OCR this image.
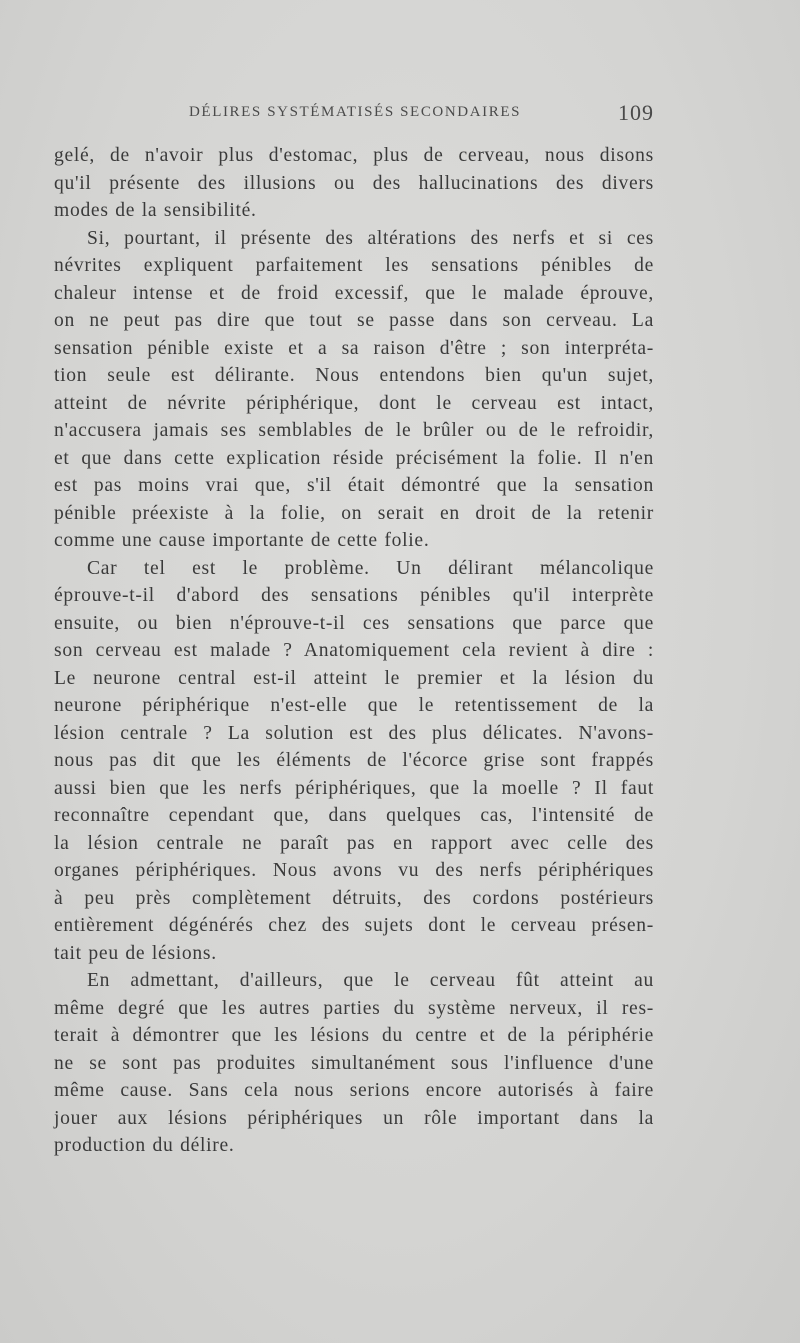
DÉLIRES SYSTÉMATISÉS SECONDAIRES	109
gelé, de n'avoir plus d'estomac, plus de cerveau, nous disons
qu'il présente des illusions ou des hallucinations des divers
modes de la sensibilité.
Si, pourtant, il présente des altérations des nerfs et si ces
névrites expliquent parfaitement les sensations pénibles de
chaleur intense et de froid excessif, que le malade éprouve,
on ne peut pas dire que tout se passe dans son cerveau. La
sensation pénible existe et a sa raison d'être ; son interpréta-
tion seule est délirante. Nous entendons bien qu'un sujet,
atteint de névrite périphérique, dont le cerveau est intact,
n'accusera jamais ses semblables de le brûler ou de le refroidir,
et que dans cette explication réside précisément la folie. Il n'en
est pas moins vrai que, s'il était démontré que la sensation
pénible préexiste à la folie, on serait en droit de la retenir
comme une cause importante de cette folie.
Car tel est le problème. Un délirant mélancolique
éprouve-t-il d'abord des sensations pénibles qu'il interprète
ensuite, ou bien n'éprouve-t-il ces sensations que parce que
son cerveau est malade ? Anatomiquement cela revient à dire :
Le neurone central est-il atteint le premier et la lésion du
neurone périphérique n'est-elle que le retentissement de la
lésion centrale ? La solution est des plus délicates. N'avons-
nous pas dit que les éléments de l'écorce grise sont frappés
aussi bien que les nerfs périphériques, que la moelle ? Il faut
reconnaître cependant que, dans quelques cas, l'intensité de
la lésion centrale ne paraît pas en rapport avec celle des
organes périphériques. Nous avons vu des nerfs périphériques
à peu près complètement détruits, des cordons postérieurs
entièrement dégénérés chez des sujets dont le cerveau présen-
tait peu de lésions.
En admettant, d'ailleurs, que le cerveau fût atteint au
même degré que les autres parties du système nerveux, il res-
terait à démontrer que les lésions du centre et de la périphérie
ne se sont pas produites simultanément sous l'influence d'une
même cause. Sans cela nous serions encore autorisés à faire
jouer aux lésions périphériques un rôle important dans la
production du délire.
